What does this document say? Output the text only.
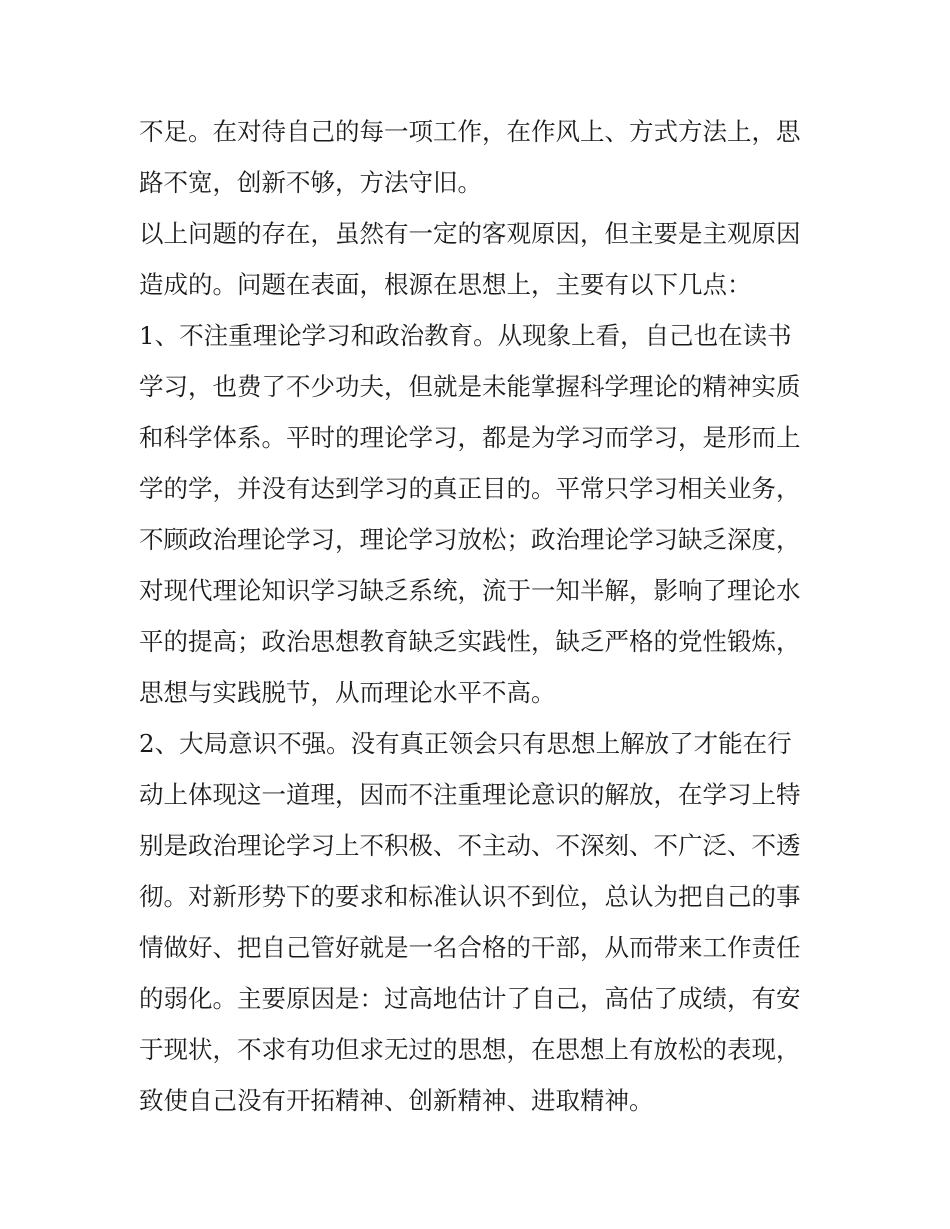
不足。在对待自己的每一项工作，在作风上、方式方法上，思
路不宽，创新不够，方法守旧。
以上问题的存在，虽然有一定的客观原因，但主要是主观原因
造成的。问题在表面，根源在思想上，主要有以下几点：
1、不注重理论学习和政治教育。从现象上看，自己也在读书
学习，也费了不少功夫，但就是未能掌握科学理论的精神实质
和科学体系。平时的理论学习，都是为学习而学习，是形而上
学的学，并没有达到学习的真正目的。平常只学习相关业务，
不顾政治理论学习，理论学习放松；政治理论学习缺乏深度，
对现代理论知识学习缺乏系统，流于一知半解，影响了理论水
平的提高；政治思想教育缺乏实践性，缺乏严格的党性锻炼，
思想与实践脱节，从而理论水平不高。
2、大局意识不强。没有真正领会只有思想上解放了才能在行
动上体现这一道理，因而不注重理论意识的解放，在学习上特
别是政治理论学习上不积极、不主动、不深刻、不广泛、不透
彻。对新形势下的要求和标准认识不到位，总认为把自己的事
情做好、把自己管好就是一名合格的干部，从而带来工作责任
的弱化。主要原因是：过高地估计了自己，高估了成绩，有安
于现状，不求有功但求无过的思想，在思想上有放松的表现，
致使自己没有开拓精神、创新精神、进取精神。
